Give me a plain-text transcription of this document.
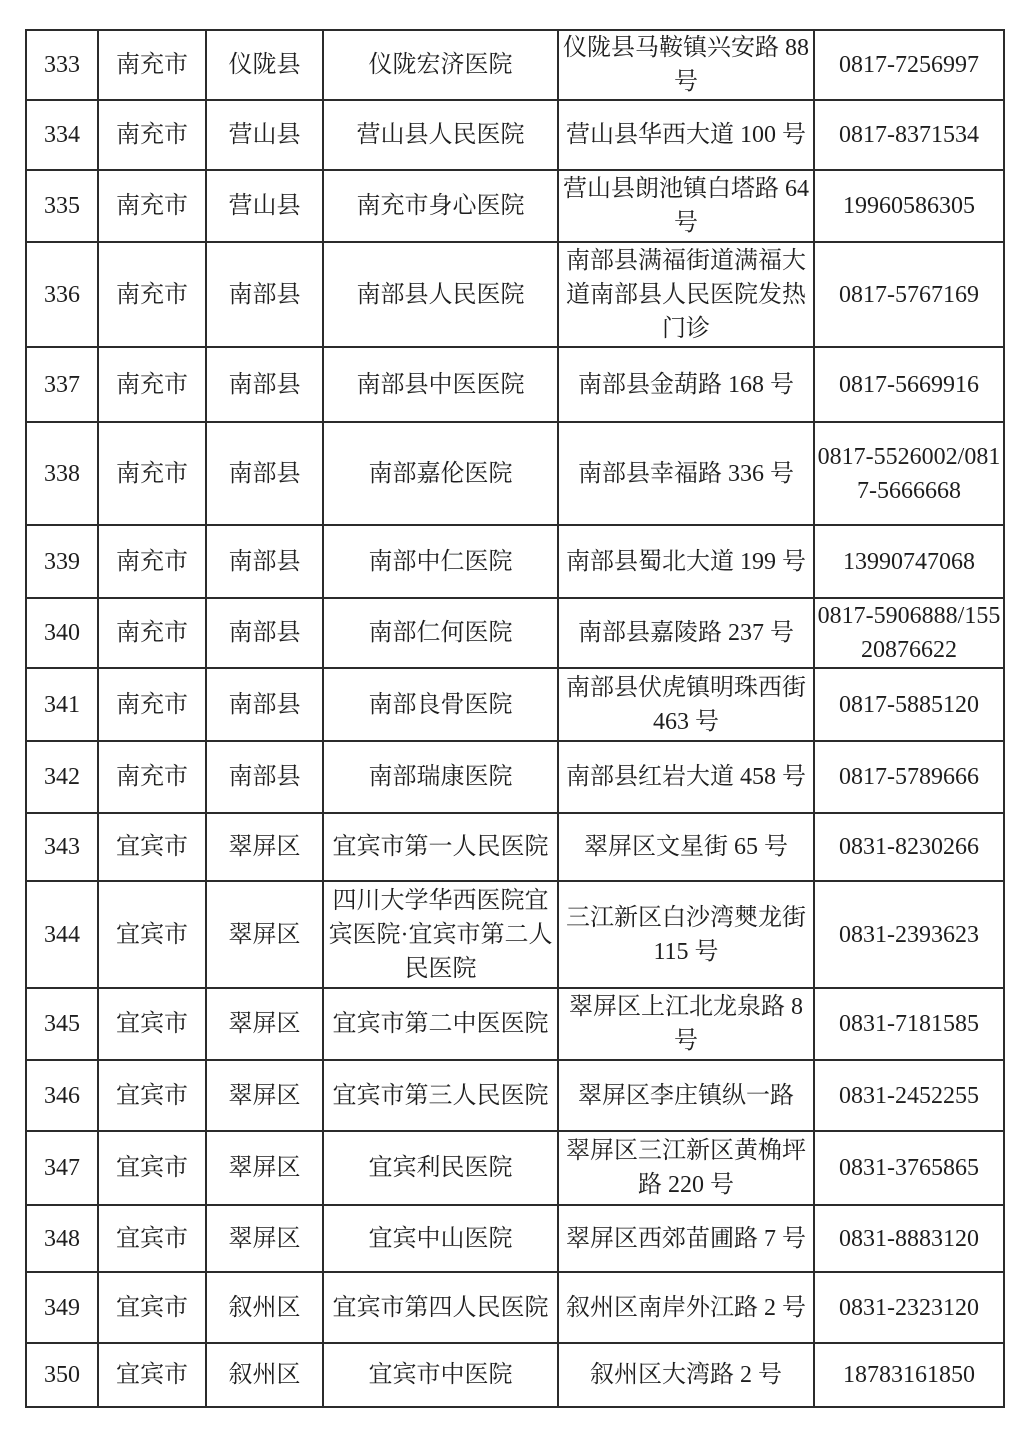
333	南充市	仪陇县	仪陇宏济医院	仪陇县马鞍镇兴安路 88 号	0817-7256997
334	南充市	营山县	营山县人民医院	营山县华西大道 100 号	0817-8371534
335	南充市	营山县	南充市身心医院	营山县朗池镇白塔路 64 号	19960586305
336	南充市	南部县	南部县人民医院	南部县满福街道满福大道南部县人民医院发热门诊	0817-5767169
337	南充市	南部县	南部县中医医院	南部县金葫路 168 号	0817-5669916
338	南充市	南部县	南部嘉伦医院	南部县幸福路 336 号	0817-5526002/0817-5666668
339	南充市	南部县	南部中仁医院	南部县蜀北大道 199 号	13990747068
340	南充市	南部县	南部仁何医院	南部县嘉陵路 237 号	0817-5906888/15520876622
341	南充市	南部县	南部良骨医院	南部县伏虎镇明珠西街 463 号	0817-5885120
342	南充市	南部县	南部瑞康医院	南部县红岩大道 458 号	0817-5789666
343	宜宾市	翠屏区	宜宾市第一人民医院	翠屏区文星街 65 号	0831-8230266
344	宜宾市	翠屏区	四川大学华西医院宜宾医院·宜宾市第二人民医院	三江新区白沙湾僰龙街 115 号	0831-2393623
345	宜宾市	翠屏区	宜宾市第二中医医院	翠屏区上江北龙泉路 8 号	0831-7181585
346	宜宾市	翠屏区	宜宾市第三人民医院	翠屏区李庄镇纵一路	0831-2452255
347	宜宾市	翠屏区	宜宾利民医院	翠屏区三江新区黄桷坪路 220 号	0831-3765865
348	宜宾市	翠屏区	宜宾中山医院	翠屏区西郊苗圃路 7 号	0831-8883120
349	宜宾市	叙州区	宜宾市第四人民医院	叙州区南岸外江路 2 号	0831-2323120
350	宜宾市	叙州区	宜宾市中医院	叙州区大湾路 2 号	18783161850
